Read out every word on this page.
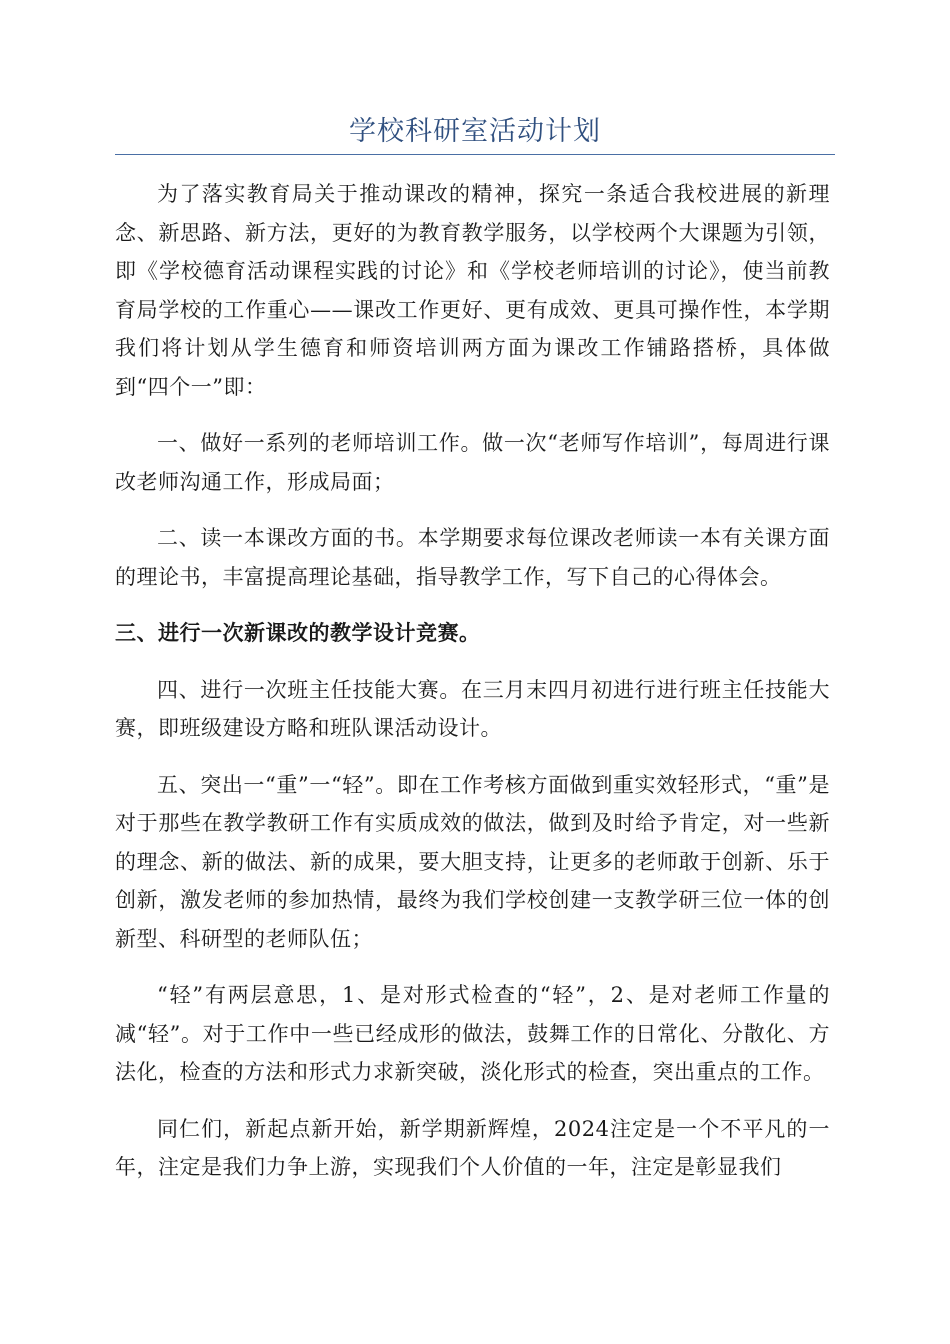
学校科研室活动计划

为了落实教育局关于推动课改的精神，探究一条适合我校进展的新理念、新思路、新方法，更好的为教育教学服务，以学校两个大课题为引领，即《学校德育活动课程实践的讨论》和《学校老师培训的讨论》，使当前教育局学校的工作重心——课改工作更好、更有成效、更具可操作性，本学期我们将计划从学生德育和师资培训两方面为课改工作铺路搭桥，具体做到“四个一”即：

一、做好一系列的老师培训工作。做一次“老师写作培训”，每周进行课改老师沟通工作，形成局面；

二、读一本课改方面的书。本学期要求每位课改老师读一本有关课方面的理论书，丰富提高理论基础，指导教学工作，写下自己的心得体会。

三、进行一次新课改的教学设计竞赛。

四、进行一次班主任技能大赛。在三月末四月初进行进行班主任技能大赛，即班级建设方略和班队课活动设计。

五、突出一“重”一“轻”。即在工作考核方面做到重实效轻形式，“重”是对于那些在教学教研工作有实质成效的做法，做到及时给予肯定，对一些新的理念、新的做法、新的成果，要大胆支持，让更多的老师敢于创新、乐于创新，激发老师的参加热情，最终为我们学校创建一支教学研三位一体的创新型、科研型的老师队伍；

“轻”有两层意思，1、是对形式检查的“轻”，2、是对老师工作量的减“轻”。对于工作中一些已经成形的做法，鼓舞工作的日常化、分散化、方法化，检查的方法和形式力求新突破，淡化形式的检查，突出重点的工作。

同仁们，新起点新开始，新学期新辉煌，2024注定是一个不平凡的一年，注定是我们力争上游，实现我们个人价值的一年，注定是彰显我们
